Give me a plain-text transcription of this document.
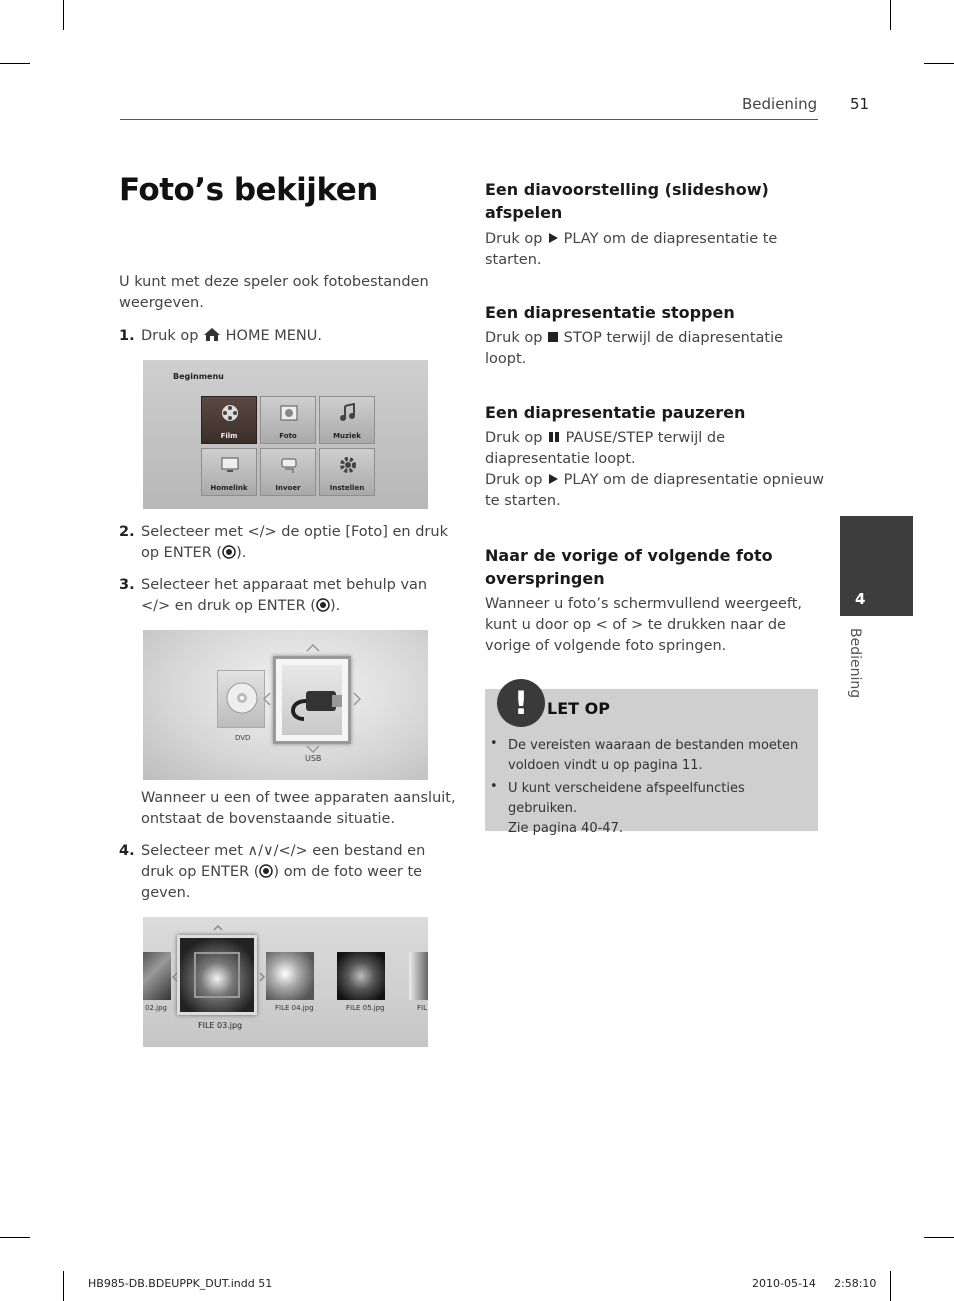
Bediening 51
Foto’s bekijken
U kunt met deze speler ook fotobestanden weergeven.
1. Druk op  HOME MENU.
Beginmenu
Film	Foto	Muziek
Homelink	Invoer	Instellen
2. Selecteer met </> de optie [Foto] en druk
op ENTER ( ).
3. Selecteer het apparaat met behulp van
</> en druk op ENTER ( ).
DVD
USB
Wanneer u een of twee apparaten aansluit,
ontstaat de bovenstaande situatie.
4. Selecteer met ∧/∨/</> een bestand en
druk op ENTER ( ) om de foto weer te
geven.
02.jpg
FILE 03.jpg
FILE 04.jpg	FILE 05.jpg	FIL
Een diavoorstelling (slideshow)
afspelen
Druk op  PLAY om de diapresentatie te
starten.
Een diapresentatie stoppen
Druk op  STOP terwijl de diapresentatie
loopt.
Een diapresentatie pauzeren
Druk op  PAUSE/STEP terwijl de
diapresentatie loopt.
Druk op  PLAY om de diapresentatie opnieuw
te starten.
Naar de vorige of volgende foto
overspringen
Wanneer u foto’s schermvullend weergeeft,
kunt u door op < of > te drukken naar de
vorige of volgende foto springen.
!	LET OP
• De vereisten waaraan de bestanden moeten
voldoen vindt u op pagina 11.
• U kunt verscheidene afspeelfuncties gebruiken.
Zie pagina 40-47.
4
Bediening
HB985-DB.BDEUPPK_DUT.indd 51	2010-05-14 2:58:10
